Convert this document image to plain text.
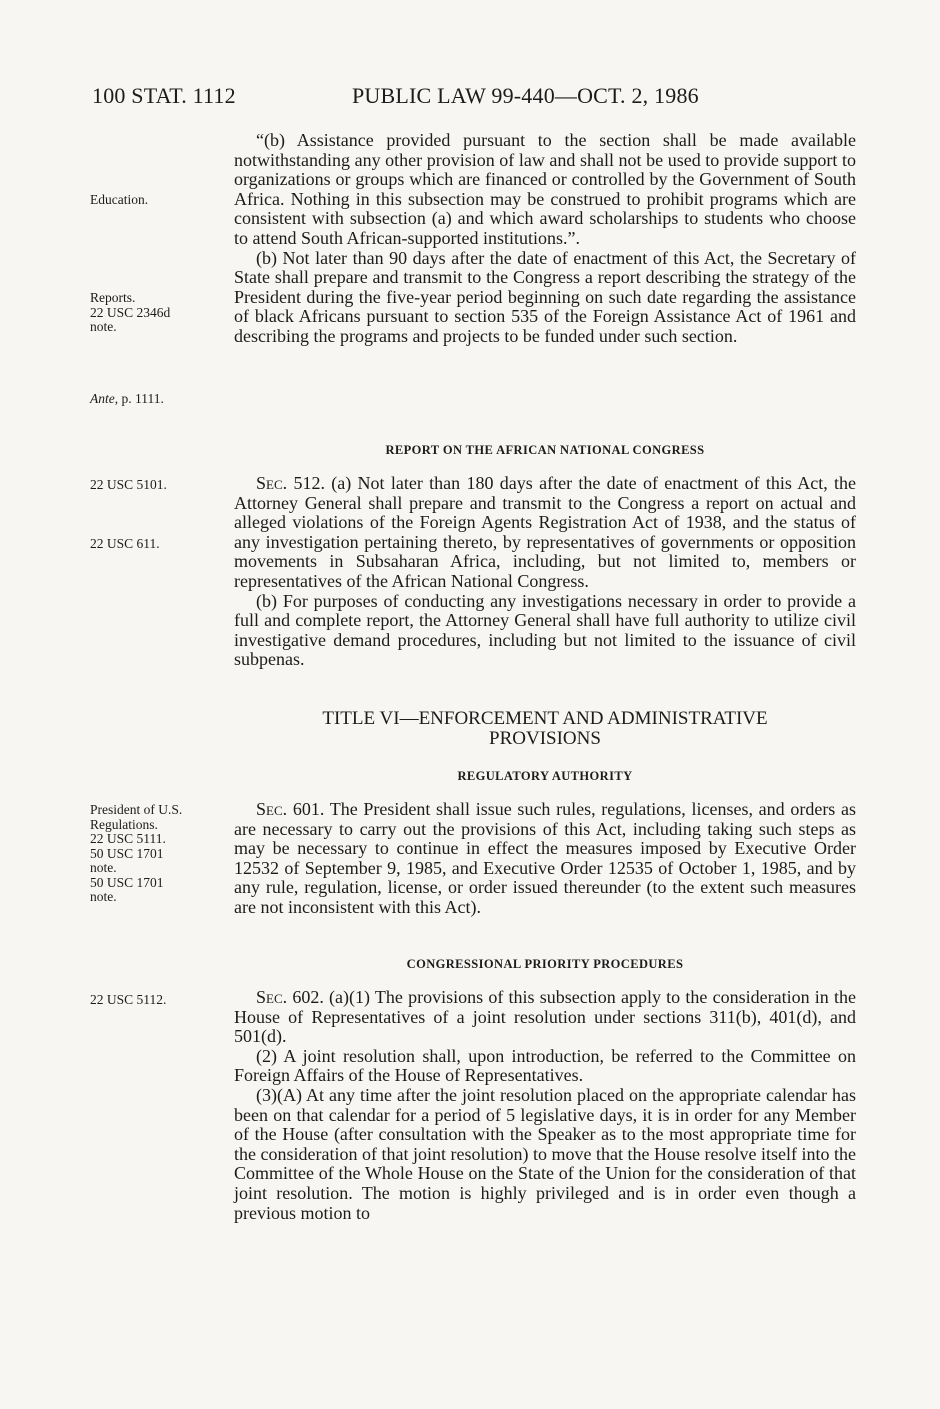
100 STAT. 1112	PUBLIC LAW 99-440—OCT. 2, 1986
Education.
Reports.
22 USC 2346d
note.
Ante, p. 1111.
22 USC 5101.
22 USC 611.
President of U.S.
Regulations.
22 USC 5111.
50 USC 1701
note.
50 USC 1701
note.
22 USC 5112.

“(b) Assistance provided pursuant to the section shall be made available notwithstanding any other provision of law and shall not be used to provide support to organizations or groups which are financed or controlled by the Government of South Africa. Nothing in this subsection may be construed to prohibit programs which are consistent with subsection (a) and which award scholarships to students who choose to attend South African-supported institutions.”.

(b) Not later than 90 days after the date of enactment of this Act, the Secretary of State shall prepare and transmit to the Congress a report describing the strategy of the President during the five-year period beginning on such date regarding the assistance of black Africans pursuant to section 535 of the Foreign Assistance Act of 1961 and describing the programs and projects to be funded under such section.

REPORT ON THE AFRICAN NATIONAL CONGRESS

Sec. 512. (a) Not later than 180 days after the date of enactment of this Act, the Attorney General shall prepare and transmit to the Congress a report on actual and alleged violations of the Foreign Agents Registration Act of 1938, and the status of any investigation pertaining thereto, by representatives of governments or opposition movements in Subsaharan Africa, including, but not limited to, members or representatives of the African National Congress.

(b) For purposes of conducting any investigations necessary in order to provide a full and complete report, the Attorney General shall have full authority to utilize civil investigative demand procedures, including but not limited to the issuance of civil subpenas.

TITLE VI—ENFORCEMENT AND ADMINISTRATIVE
PROVISIONS
REGULATORY AUTHORITY

Sec. 601. The President shall issue such rules, regulations, licenses, and orders as are necessary to carry out the provisions of this Act, including taking such steps as may be necessary to continue in effect the measures imposed by Executive Order 12532 of September 9, 1985, and Executive Order 12535 of October 1, 1985, and by any rule, regulation, license, or order issued thereunder (to the extent such measures are not inconsistent with this Act).

CONGRESSIONAL PRIORITY PROCEDURES

Sec. 602. (a)(1) The provisions of this subsection apply to the consideration in the House of Representatives of a joint resolution under sections 311(b), 401(d), and 501(d).

(2) A joint resolution shall, upon introduction, be referred to the Committee on Foreign Affairs of the House of Representatives.

(3)(A) At any time after the joint resolution placed on the appropriate calendar has been on that calendar for a period of 5 legislative days, it is in order for any Member of the House (after consultation with the Speaker as to the most appropriate time for the consideration of that joint resolution) to move that the House resolve itself into the Committee of the Whole House on the State of the Union for the consideration of that joint resolution. The motion is highly privileged and is in order even though a previous motion to
